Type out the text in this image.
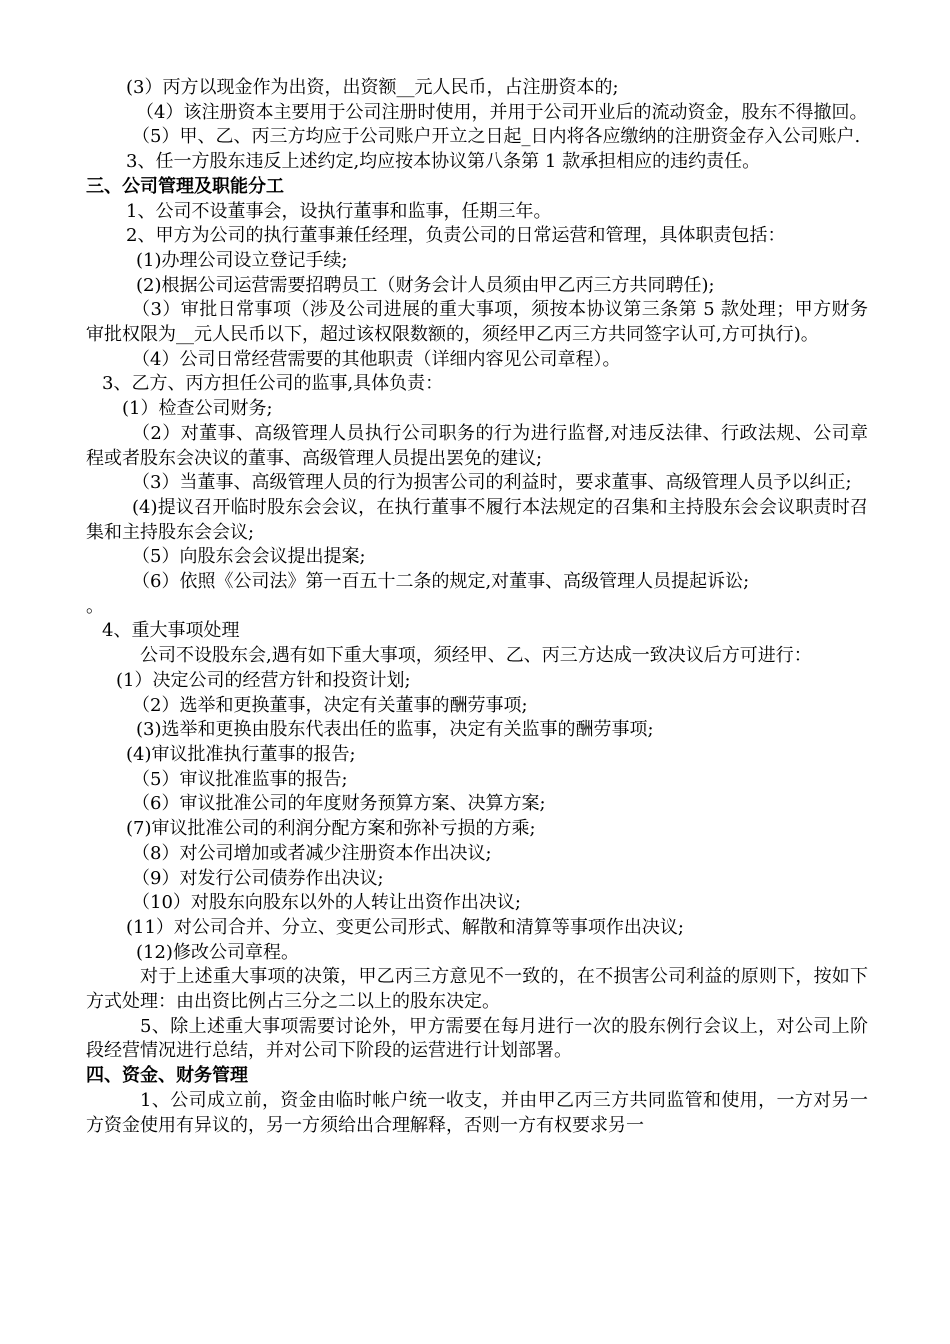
(3）丙方以现金作为出资，出资额__元人民币，占注册资本的;

（4）该注册资本主要用于公司注册时使用，并用于公司开业后的流动资金，股东不得撤回。

（5）甲、乙、丙三方均应于公司账户开立之日起_日内将各应缴纳的注册资金存入公司账户.

3、任一方股东违反上述约定,均应按本协议第八条第 1 款承担相应的违约责任。

三、公司管理及职能分工

1、公司不设董事会，设执行董事和监事，任期三年。

2、甲方为公司的执行董事兼任经理，负责公司的日常运营和管理，具体职责包括：

(1)办理公司设立登记手续;

(2)根据公司运营需要招聘员工（财务会计人员须由甲乙丙三方共同聘任);

（3）审批日常事项（涉及公司进展的重大事项，须按本协议第三条第 5 款处理；甲方财务审批权限为__元人民币以下，超过该权限数额的，须经甲乙丙三方共同签字认可,方可执行)。

（4）公司日常经营需要的其他职责（详细内容见公司章程）。

3、乙方、丙方担任公司的监事,具体负责：

(1）检查公司财务;

（2）对董事、高级管理人员执行公司职务的行为进行监督,对违反法律、行政法规、公司章程或者股东会决议的董事、高级管理人员提出罢免的建议;

（3）当董事、高级管理人员的行为损害公司的利益时，要求董事、高级管理人员予以纠正;

(4)提议召开临时股东会会议，在执行董事不履行本法规定的召集和主持股东会会议职责时召集和主持股东会会议;

（5）向股东会会议提出提案;

（6）依照《公司法》第一百五十二条的规定,对董事、高级管理人员提起诉讼;

。

4、重大事项处理

公司不设股东会,遇有如下重大事项，须经甲、乙、丙三方达成一致决议后方可进行：

(1）决定公司的经营方针和投资计划;

（2）选举和更换董事，决定有关董事的酬劳事项;

(3)选举和更换由股东代表出任的监事，决定有关监事的酬劳事项;

(4)审议批准执行董事的报告;

（5）审议批准监事的报告;

（6）审议批准公司的年度财务预算方案、决算方案;

(7)审议批准公司的利润分配方案和弥补亏损的方乘;

（8）对公司增加或者减少注册资本作出决议;

（9）对发行公司债券作出决议;

（10）对股东向股东以外的人转让出资作出决议;

(11）对公司合并、分立、变更公司形式、解散和清算等事项作出决议;

(12)修改公司章程。

对于上述重大事项的决策，甲乙丙三方意见不一致的，在不损害公司利益的原则下，按如下方式处理：由出资比例占三分之二以上的股东决定。

5、除上述重大事项需要讨论外，甲方需要在每月进行一次的股东例行会议上，对公司上阶段经营情况进行总结，并对公司下阶段的运营进行计划部署。

四、资金、财务管理

1、公司成立前，资金由临时帐户统一收支，并由甲乙丙三方共同监管和使用，一方对另一方资金使用有异议的，另一方须给出合理解释，否则一方有权要求另一
